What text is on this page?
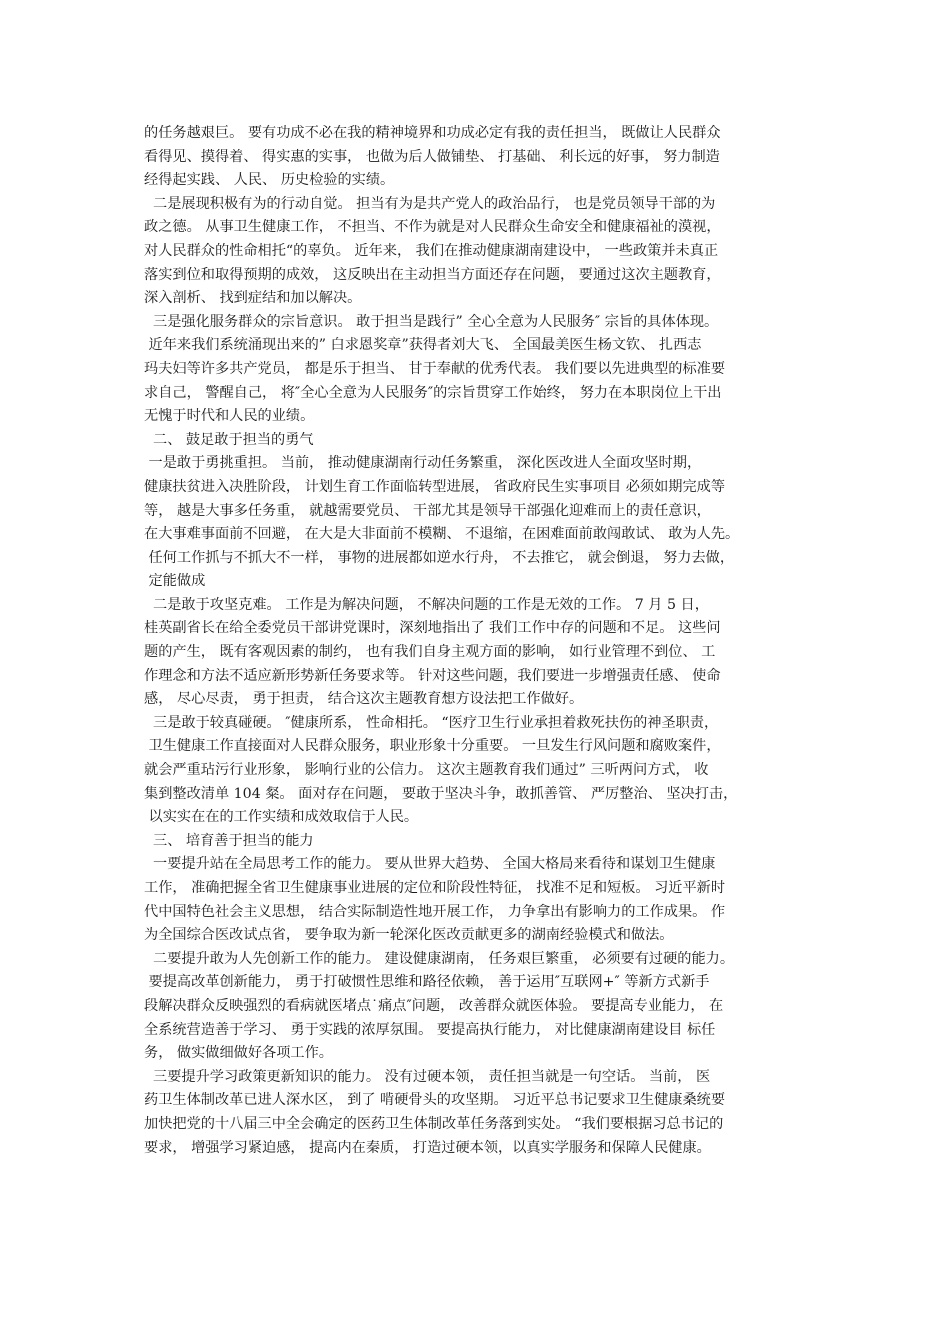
的任务越艰巨。 要有功成不必在我的精神境界和功成必定有我的责任担当， 既做让人民群众
看得见、摸得着、 得实惠的实事， 也做为后人做铺垫、 打基础、 利长远的好事， 努力制造
经得起实践、 人民、 历史检验的实绩。
二是展现积极有为的行动自觉。 担当有为是共产党人的政治品行， 也是党员领导干部的为
政之德。 从事卫生健康工作， 不担当、不作为就是对人民群众生命安全和健康福祉的漠视，
对人民群众的性命相托“的辜负。 近年来， 我们在推动健康湖南建设中， 一些政策并未真正
落实到位和取得预期的成效， 这反映出在主动担当方面还存在问题， 要通过这次主题教育，
深入剖析、 找到症结和加以解决。
三是强化服务群众的宗旨意识。 敢于担当是践行” 全心全意为人民服务″ 宗旨的具体体现。
近年来我们系统涌现出来的” 白求恩奖章”获得者刘大飞、 全国最美医生杨文钦、 扎西志
玛夫妇等许多共产党员， 都是乐于担当、 甘于奉献的优秀代表。 我们要以先进典型的标准要
求自己， 警醒自己， 将″全心全意为人民服务″的宗旨贯穿工作始终， 努力在本职岗位上干出
无愧于时代和人民的业绩。
二、 鼓足敢于担当的勇气
一是敢于勇挑重担。 当前， 推动健康湖南行动任务繁重， 深化医改进人全面攻坚时期，
健康扶贫进入决胜阶段， 计划生育工作面临转型进展， 省政府民生实事项目 必须如期完成等
等， 越是大事多任务重， 就越需要党员、 干部尤其是领导干部强化迎难而上的责任意识，
在大事难事面前不回避， 在大是大非面前不模糊、 不退缩，在困难面前敢闯敢试、 敢为人先。
任何工作抓与不抓大不一样， 事物的进展都如逆水行舟， 不去推它， 就会倒退， 努力去做，
定能做成
二是敢于攻坚克难。 工作是为解决问题， 不解决问题的工作是无效的工作。 7 月 5 日，
桂英副省长在给全委党员干部讲党课时，深刻地指出了 我们工作中存的问题和不足。 这些问
题的产生， 既有客观因素的制约， 也有我们自身主观方面的影响， 如行业管理不到位、 工
作理念和方法不适应新形势新任务要求等。 针对这些问题，我们要进一步增强责任感、 使命
感， 尽心尽责， 勇于担责， 结合这次主题教育想方设法把工作做好。
三是敢于较真碰硬。 ″健康所系， 性命相托。 “医疗卫生行业承担着救死扶伤的神圣职责，
卫生健康工作直接面对人民群众服务，职业形象十分重要。 一旦发生行风问题和腐败案件，
就会严重玷污行业形象， 影响行业的公信力。 这次主题教育我们通过” 三听两问方式， 收
集到整改清单 104 粲。 面对存在问题， 要敢于坚决斗争，敢抓善管、 严厉整治、 坚决打击，
以实实在在的工作实绩和成效取信于人民。
三、 培育善于担当的能力
一要提升站在全局思考工作的能力。 要从世界大趋势、 全国大格局来看待和谋划卫生健康
工作， 准确把握全省卫生健康事业进展的定位和阶段性特征， 找准不足和短板。 习近平新时
代中国特色社会主义思想， 结合实际制造性地开展工作， 力争拿出有影响力的工作成果。 作
为全国综合医改试点省， 要争取为新一轮深化医改贡献更多的湖南经验模式和做法。
二要提升敢为人先创新工作的能力。 建设健康湖南， 任务艰巨繁重， 必须要有过硬的能力。
要提高改革创新能力， 勇于打破惯性思维和路径依赖， 善于运用″互联网+″ 等新方式新手
段解决群众反映强烈的看病就医堵点˙痛点″问题， 改善群众就医体验。 要提高专业能力， 在
全系统营造善于学习、 勇于实践的浓厚氛围。 要提高执行能力， 对比健康湖南建设目 标任
务， 做实做细做好各项工作。
三要提升学习政策更新知识的能力。 没有过硬本领， 责任担当就是一句空话。 当前， 医
药卫生体制改革已进人深水区， 到了 啃硬骨头的攻坚期。 习近平总书记要求卫生健康桑统要
加快把党的十八届三中全会确定的医药卫生体制改革任务落到实处。 “我们要根据习总书记的
要求， 增强学习紧迫感， 提高内在秦质， 打造过硬本领，以真实学服务和保障人民健康。
